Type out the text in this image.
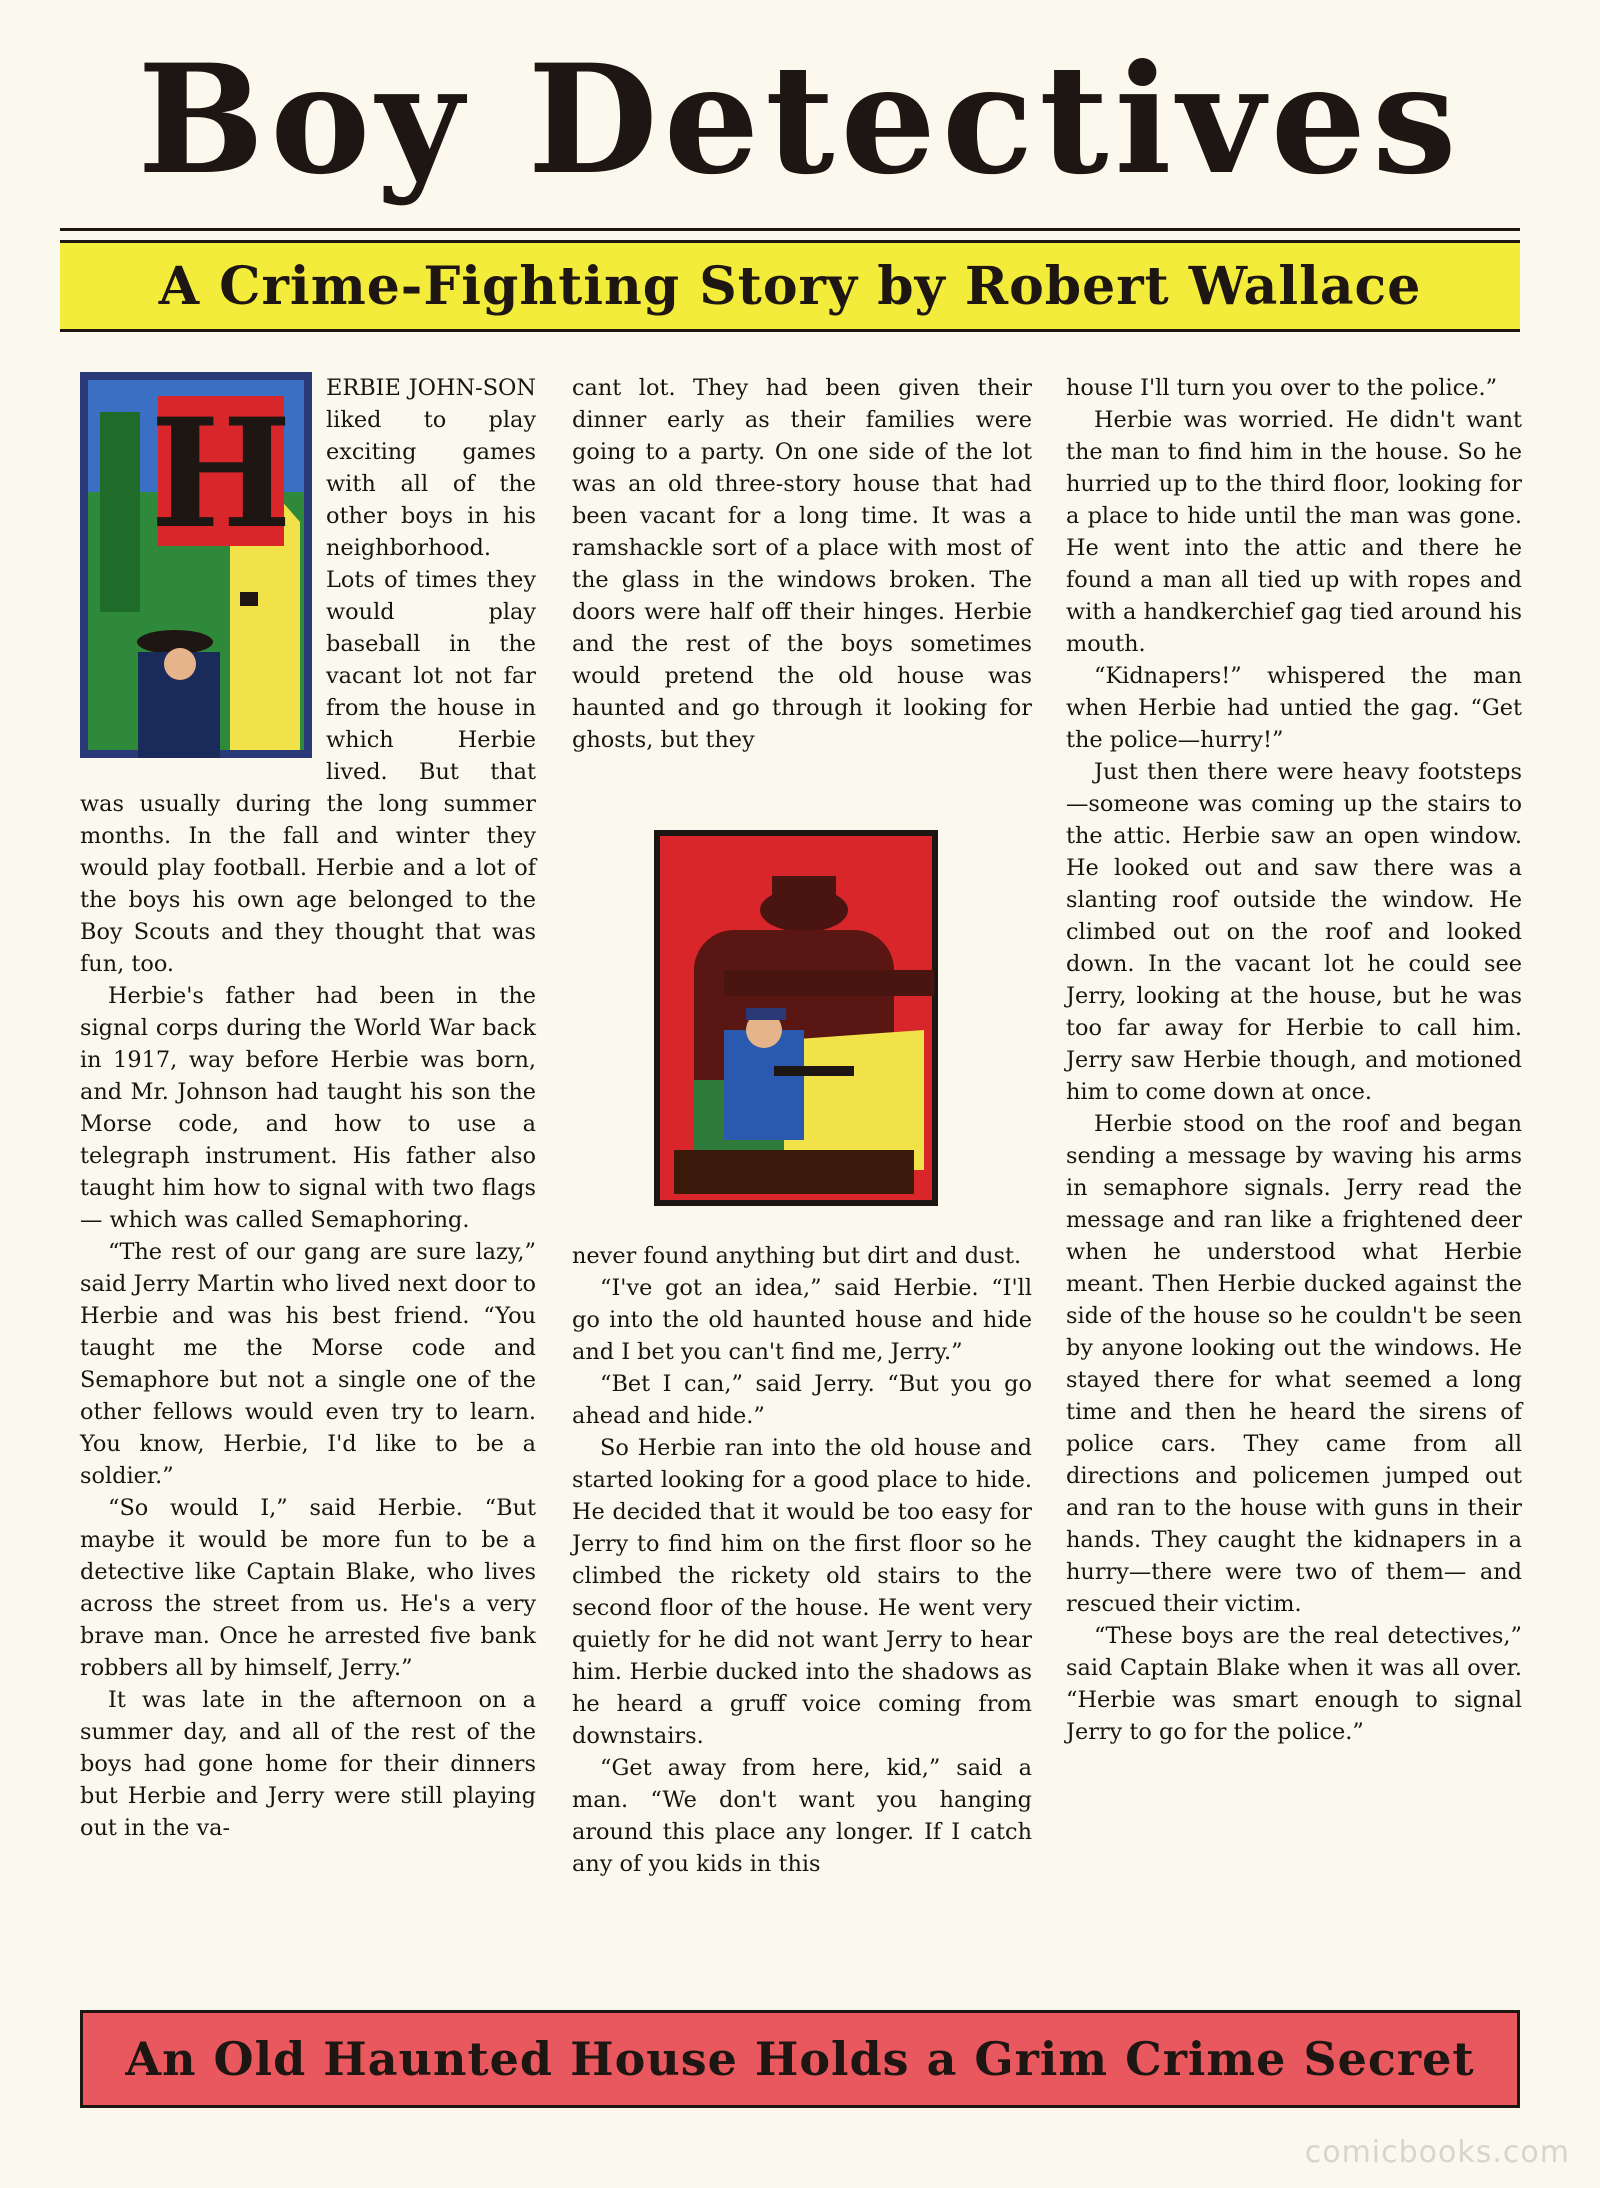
Boy Detectives
A Crime-Fighting Story by Robert Wallace
H	ERBIE JOHN-SON liked to play exciting games with all of the other boys in his neighborhood. Lots of times they would play baseball in the vacant lot not far from the house in which Herbie lived. But that was usually during the long summer months. In the fall and winter they would play football. Herbie and a lot of the boys his own age belonged to the Boy Scouts and they thought that was fun, too.

Herbie's father had been in the signal corps during the World War back in 1917, way before Herbie was born, and Mr. Johnson had taught his son the Morse code, and how to use a telegraph instrument. His father also taught him how to signal with two flags— which was called Semaphoring.

“The rest of our gang are sure lazy,” said Jerry Martin who lived next door to Herbie and was his best friend. “You taught me the Morse code and Semaphore but not a single one of the other fellows would even try to learn. You know, Herbie, I'd like to be a soldier.”

“So would I,” said Herbie. “But maybe it would be more fun to be a detective like Captain Blake, who lives across the street from us. He's a very brave man. Once he arrested five bank robbers all by himself, Jerry.”

It was late in the afternoon on a summer day, and all of the rest of the boys had gone home for their dinners but Herbie and Jerry were still playing out in the va-

cant lot. They had been given their dinner early as their families were going to a party. On one side of the lot was an old three-story house that had been vacant for a long time. It was a ramshackle sort of a place with most of the glass in the windows broken. The doors were half off their hinges. Herbie and the rest of the boys sometimes would pretend the old house was haunted and go through it looking for ghosts, but they

never found anything but dirt and dust.

“I've got an idea,” said Herbie. “I'll go into the old haunted house and hide and I bet you can't find me, Jerry.”

“Bet I can,” said Jerry. “But you go ahead and hide.”

So Herbie ran into the old house and started looking for a good place to hide. He decided that it would be too easy for Jerry to find him on the first floor so he climbed the rickety old stairs to the second floor of the house. He went very quietly for he did not want Jerry to hear him. Herbie ducked into the shadows as he heard a gruff voice coming from downstairs.

“Get away from here, kid,” said a man. “We don't want you hanging around this place any longer. If I catch any of you kids in this

house I'll turn you over to the police.”

Herbie was worried. He didn't want the man to find him in the house. So he hurried up to the third floor, looking for a place to hide until the man was gone. He went into the attic and there he found a man all tied up with ropes and with a handkerchief gag tied around his mouth.

“Kidnapers!” whispered the man when Herbie had untied the gag. “Get the police—hurry!”

Just then there were heavy footsteps—someone was coming up the stairs to the attic. Herbie saw an open window. He looked out and saw there was a slanting roof outside the window. He climbed out on the roof and looked down. In the vacant lot he could see Jerry, looking at the house, but he was too far away for Herbie to call him. Jerry saw Herbie though, and motioned him to come down at once.

Herbie stood on the roof and began sending a message by waving his arms in semaphore signals. Jerry read the message and ran like a frightened deer when he understood what Herbie meant. Then Herbie ducked against the side of the house so he couldn't be seen by anyone looking out the windows. He stayed there for what seemed a long time and then he heard the sirens of police cars. They came from all directions and policemen jumped out and ran to the house with guns in their hands. They caught the kidnapers in a hurry—there were two of them— and rescued their victim.

“These boys are the real detectives,” said Captain Blake when it was all over. “Herbie was smart enough to signal Jerry to go for the police.”

An Old Haunted House Holds a Grim Crime Secret
comicbooks.com
